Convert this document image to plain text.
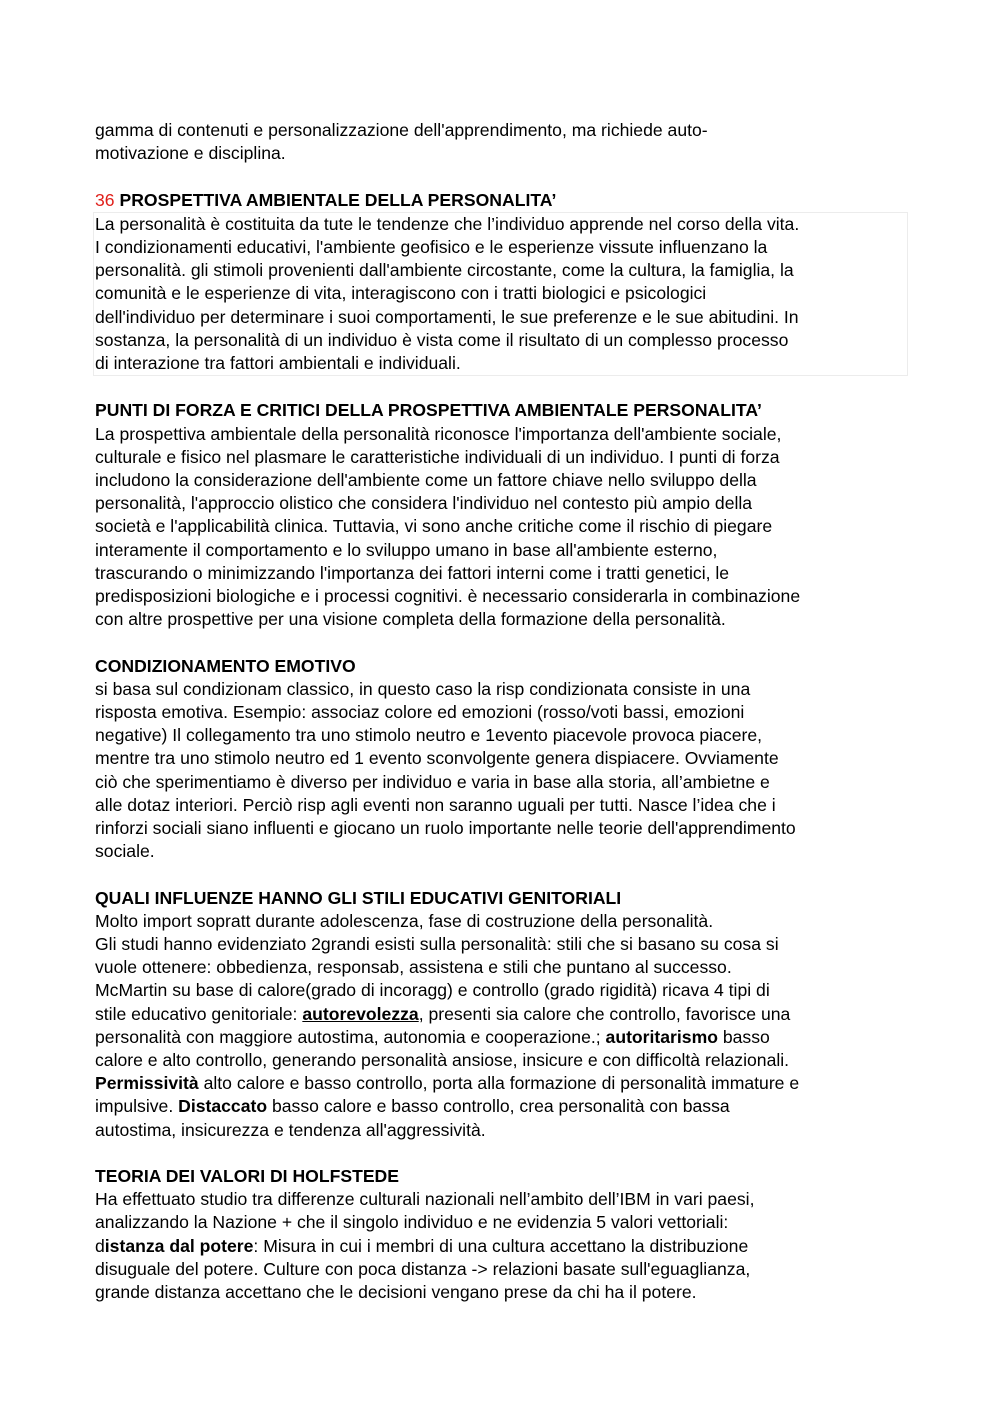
gamma di contenuti e personalizzazione dell'apprendimento, ma richiede auto-
motivazione e disciplina.
36 PROSPETTIVA AMBIENTALE DELLA PERSONALITA’
La personalità è costituita da tute le tendenze che l’individuo apprende nel corso della vita.
I condizionamenti educativi, l'ambiente geofisico e le esperienze vissute influenzano la
personalità. gli stimoli provenienti dall'ambiente circostante, come la cultura, la famiglia, la
comunità e le esperienze di vita, interagiscono con i tratti biologici e psicologici
dell'individuo per determinare i suoi comportamenti, le sue preferenze e le sue abitudini. In
sostanza, la personalità di un individuo è vista come il risultato di un complesso processo
di interazione tra fattori ambientali e individuali.
PUNTI DI FORZA E CRITICI DELLA PROSPETTIVA AMBIENTALE PERSONALITA’
La prospettiva ambientale della personalità riconosce l'importanza dell'ambiente sociale,
culturale e fisico nel plasmare le caratteristiche individuali di un individuo. I punti di forza
includono la considerazione dell'ambiente come un fattore chiave nello sviluppo della
personalità, l'approccio olistico che considera l'individuo nel contesto più ampio della
società e l'applicabilità clinica. Tuttavia, vi sono anche critiche come il rischio di piegare
interamente il comportamento e lo sviluppo umano in base all'ambiente esterno,
trascurando o minimizzando l'importanza dei fattori interni come i tratti genetici, le
predisposizioni biologiche e i processi cognitivi. è necessario considerarla in combinazione
con altre prospettive per una visione completa della formazione della personalità.
CONDIZIONAMENTO EMOTIVO
si basa sul condizionam classico, in questo caso la risp condizionata consiste in una
risposta emotiva. Esempio: associaz colore ed emozioni (rosso/voti bassi, emozioni
negative) Il collegamento tra uno stimolo neutro e 1evento piacevole provoca piacere,
mentre tra uno stimolo neutro ed 1 evento sconvolgente genera dispiacere. Ovviamente
ciò che sperimentiamo è diverso per individuo e varia in base alla storia, all’ambietne e
alle dotaz interiori. Perciò risp agli eventi non saranno uguali per tutti. Nasce l’idea che i
rinforzi sociali siano influenti e giocano un ruolo importante nelle teorie dell'apprendimento
sociale.
QUALI INFLUENZE HANNO GLI STILI EDUCATIVI GENITORIALI
Molto import sopratt durante adolescenza, fase di costruzione della personalità.
Gli studi hanno evidenziato 2grandi esisti sulla personalità: stili che si basano su cosa si
vuole ottenere: obbedienza, responsab, assistena e stili che puntano al successo.
McMartin su base di calore(grado di incoragg) e controllo (grado rigidità) ricava 4 tipi di
stile educativo genitoriale: autorevolezza, presenti sia calore che controllo, favorisce una
personalità con maggiore autostima, autonomia e cooperazione.; autoritarismo basso
calore e alto controllo, generando personalità ansiose, insicure e con difficoltà relazionali.
Permissività alto calore e basso controllo, porta alla formazione di personalità immature e
impulsive. Distaccato basso calore e basso controllo, crea personalità con bassa
autostima, insicurezza e tendenza all'aggressività.
TEORIA DEI VALORI DI HOLFSTEDE
Ha effettuato studio tra differenze culturali nazionali nell’ambito dell’IBM in vari paesi,
analizzando la Nazione + che il singolo individuo e ne evidenzia 5 valori vettoriali:
distanza dal potere: Misura in cui i membri di una cultura accettano la distribuzione
disuguale del potere. Culture con poca distanza -> relazioni basate sull'eguaglianza,
grande distanza accettano che le decisioni vengano prese da chi ha il potere.
